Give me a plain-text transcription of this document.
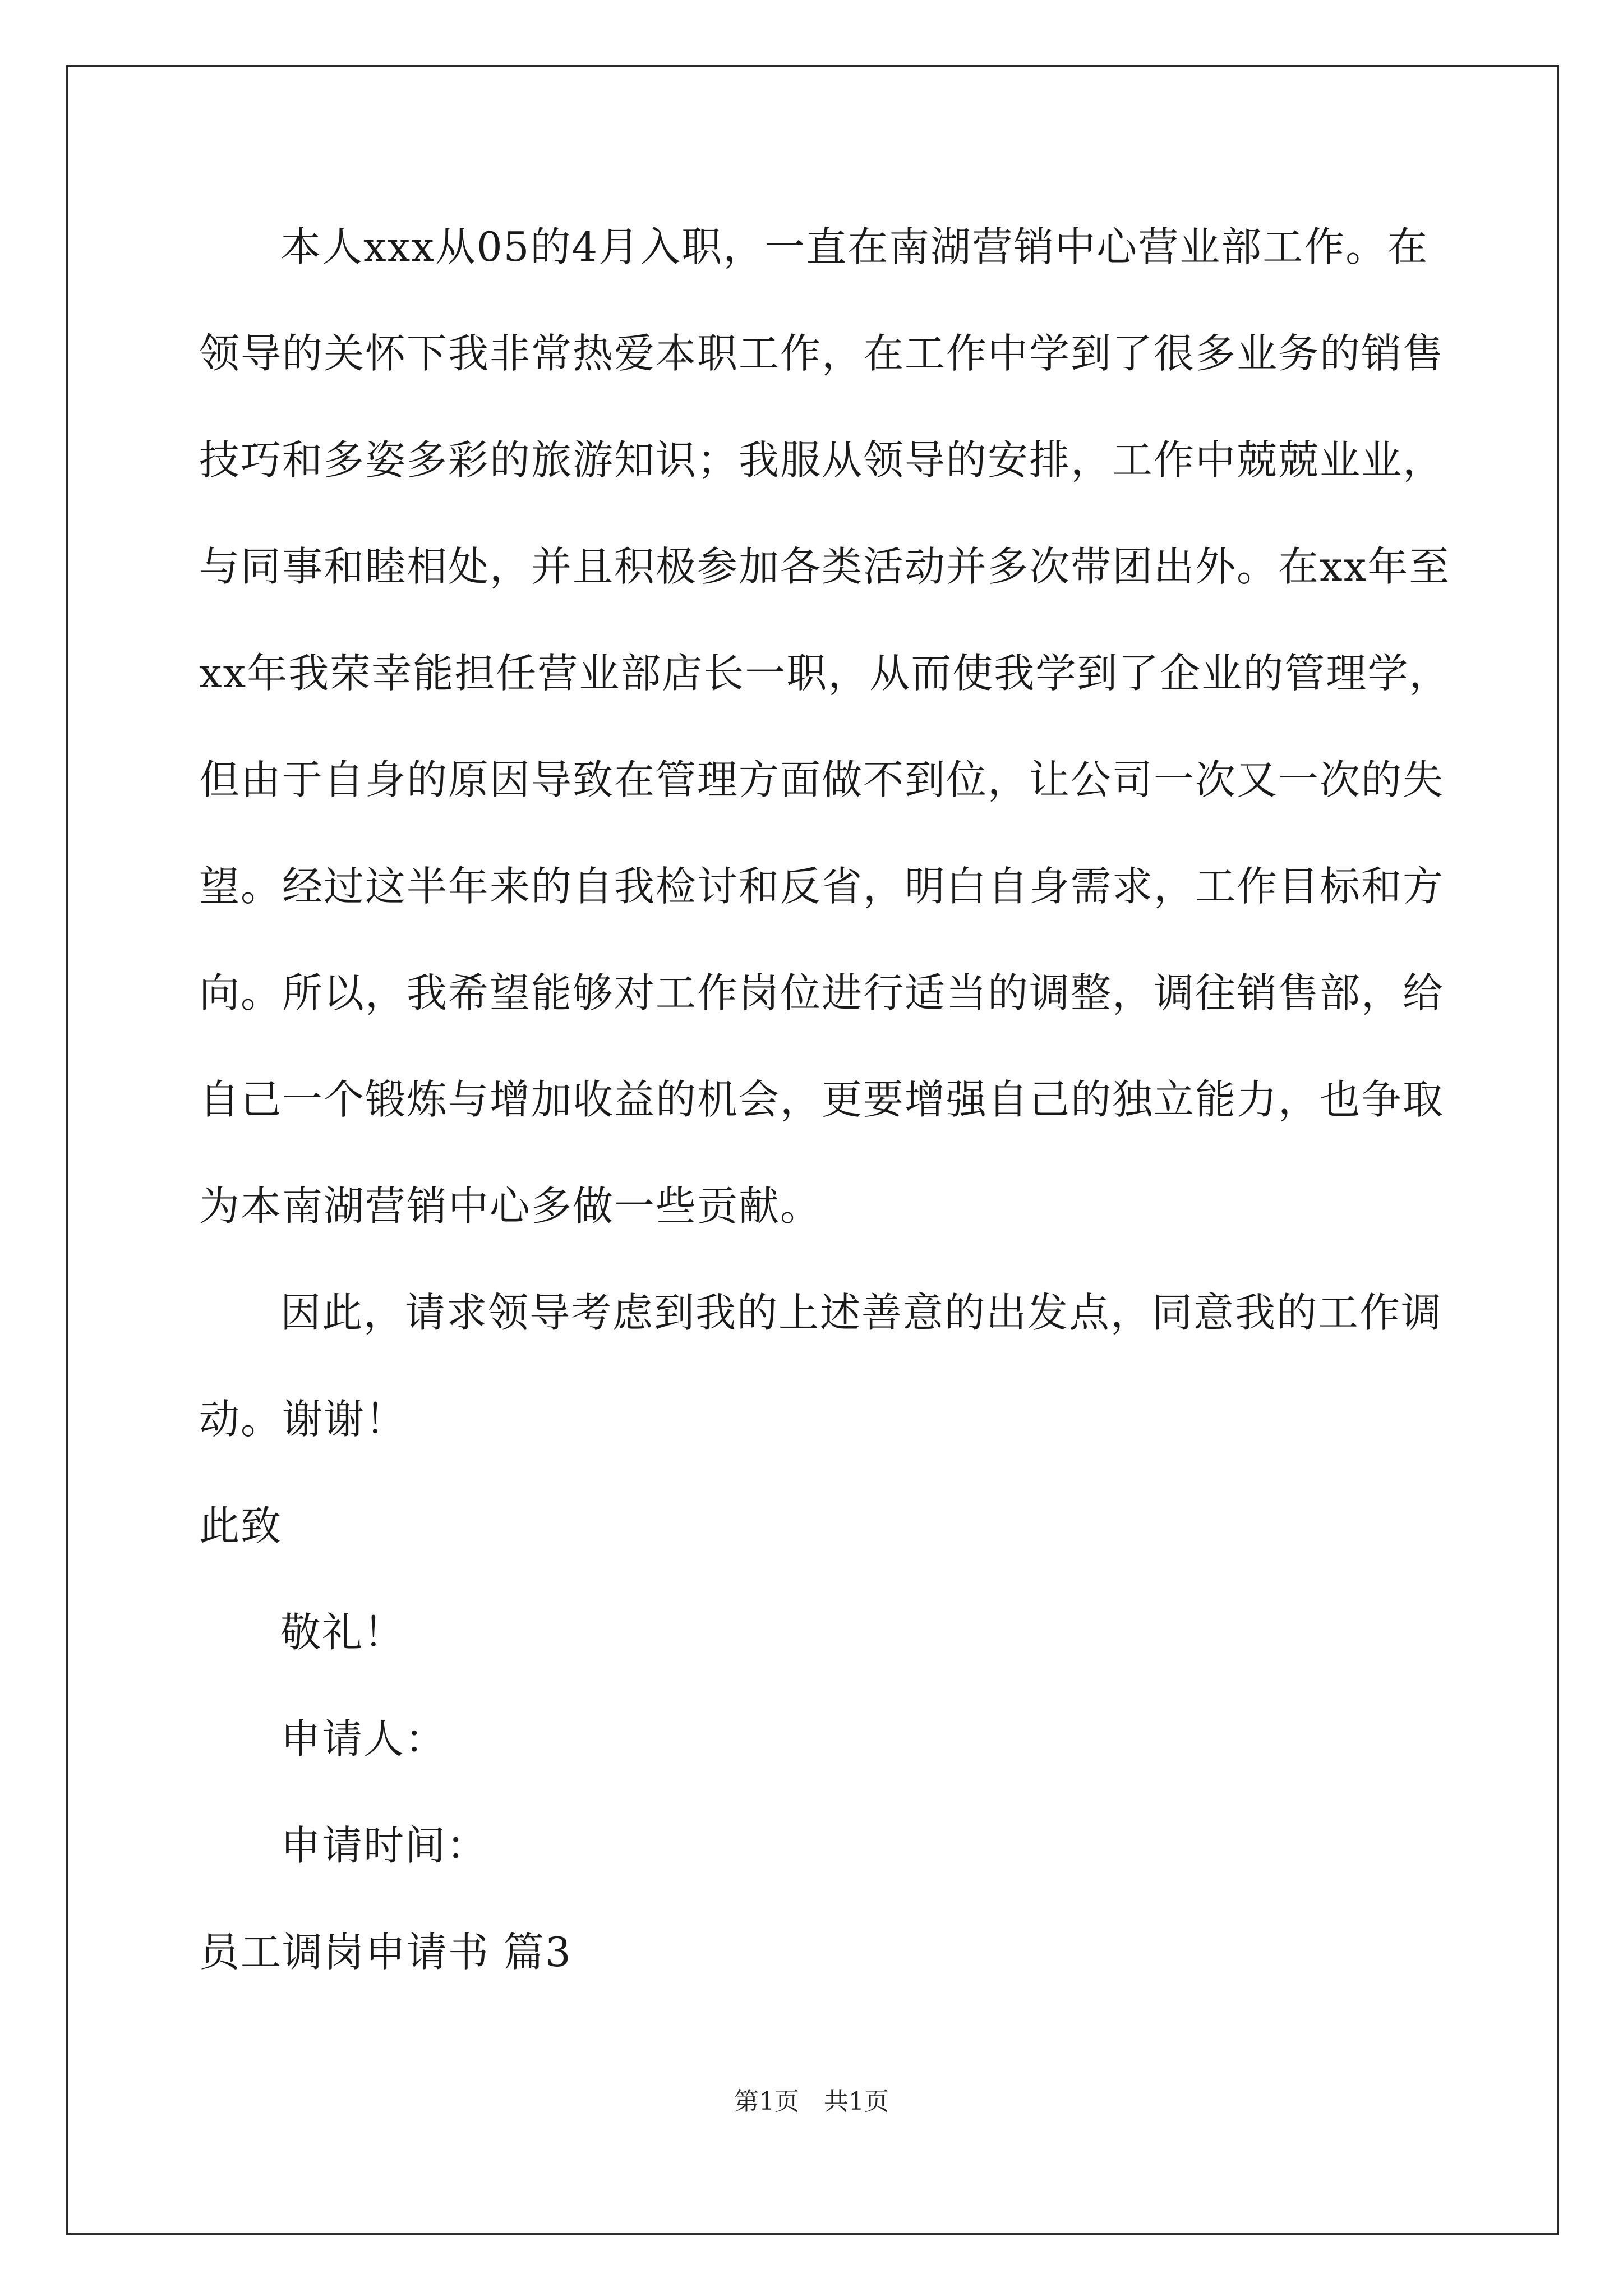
本人xxx从05的4月入职，一直在南湖营销中心营业部工作。在
领导的关怀下我非常热爱本职工作，在工作中学到了很多业务的销售
技巧和多姿多彩的旅游知识；我服从领导的安排，工作中兢兢业业，
与同事和睦相处，并且积极参加各类活动并多次带团出外。在xx年至
xx年我荣幸能担任营业部店长一职，从而使我学到了企业的管理学，
但由于自身的原因导致在管理方面做不到位，让公司一次又一次的失
望。经过这半年来的自我检讨和反省，明白自身需求，工作目标和方
向。所以，我希望能够对工作岗位进行适当的调整，调往销售部，给
自己一个锻炼与增加收益的机会，更要增强自己的独立能力，也争取
为本南湖营销中心多做一些贡献。
因此，请求领导考虑到我的上述善意的出发点，同意我的工作调
动。谢谢！
此致
敬礼！
申请人：
申请时间：
员工调岗申请书 篇3
第1页　共1页
